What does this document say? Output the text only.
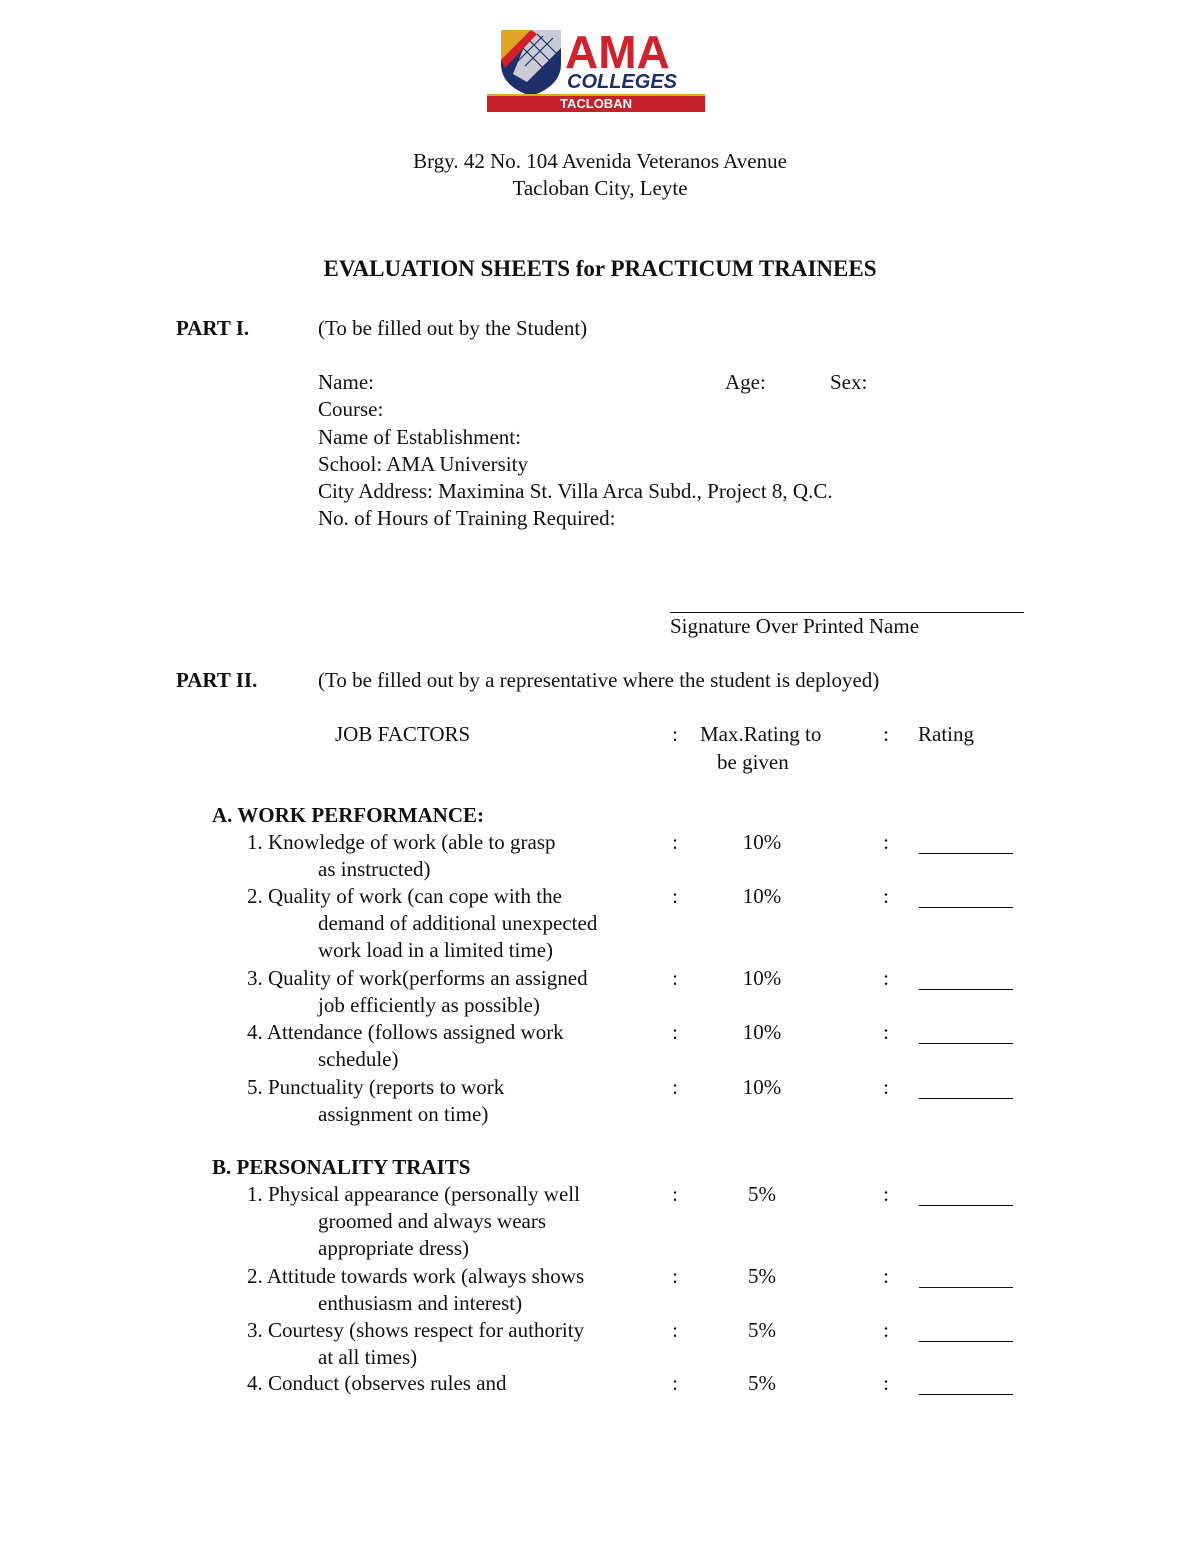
AMA
COLLEGES
TACLOBAN
Brgy. 42 No. 104 Avenida Veteranos Avenue
Tacloban City, Leyte
EVALUATION SHEETS for PRACTICUM TRAINEES
PART I.	(To be filled out by the Student)
Name:	Age:	Sex:
Course:
Name of Establishment:
School: AMA University
City Address: Maximina St. Villa Arca Subd., Project 8, Q.C.
No. of Hours of Training Required:
Signature Over Printed Name
PART II.	(To be filled out by a representative where the student is deployed)
JOB FACTORS	: Max.Rating to
be given
: Rating
A. WORK PERFORMANCE:
1. Knowledge of work (able to grasp
as instructed)
:	10%	:
2. Quality of work (can cope with the
demand of additional unexpected
work load in a limited time)
:	10%	:
3. Quality of work(performs an assigned
job efficiently as possible)
:	10%	:
4. Attendance (follows assigned work
schedule)
:	10%	:
5. Punctuality (reports to work
assignment on time)
:	10%	:
B. PERSONALITY TRAITS
1. Physical appearance (personally well
groomed and always wears
appropriate dress)
:	5%	:
2. Attitude towards work (always shows
enthusiasm and interest)
:	5%	:
3. Courtesy (shows respect for authority
at all times)
:	5%	:
4. Conduct (observes rules and	:	5%	:
